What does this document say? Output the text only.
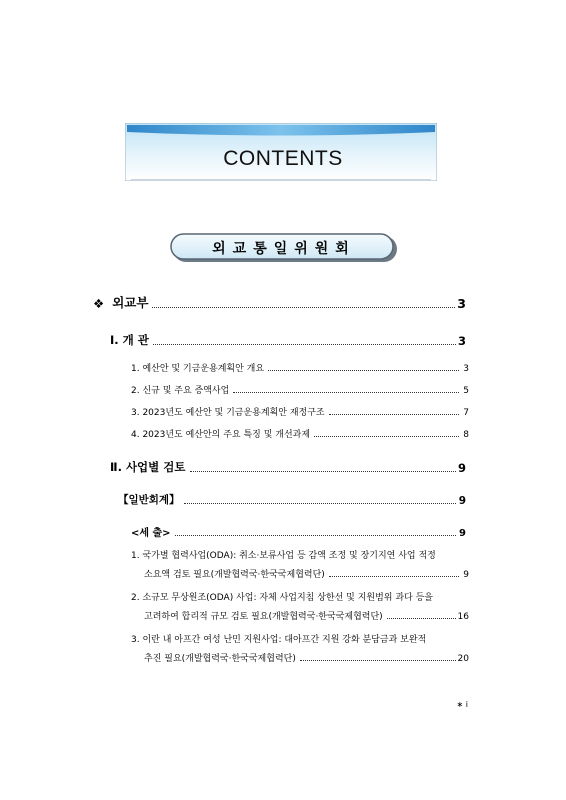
CONTENTS
외교통일위원회
❖ 외교부	3
Ⅰ. 개 관	3
1. 예산안 및 기금운용계획안 개요	3
2. 신규 및 주요 증액사업	5
3. 2023년도 예산안 및 기금운용계획안 재정구조	7
4. 2023년도 예산안의 주요 특징 및 개선과제	8
Ⅱ. 사업별 검토	9
【일반회계】	9
<세 출>	9
1. 국가별 협력사업(ODA): 취소·보류사업 등 감액 조정 및 장기지연 사업 적정
소요액 검토 필요(개발협력국·한국국제협력단)	9
2. 소규모 무상원조(ODA) 사업: 자체 사업지침 상한선 및 지원범위 과다 등을
고려하여 합리적 규모 검토 필요(개발협력국·한국국제협력단)	16
3. 이란 내 아프간 여성 난민 지원사업: 대아프간 지원 강화 분담금과 보완적
추진 필요(개발협력국·한국국제협력단)	20
∗ i
